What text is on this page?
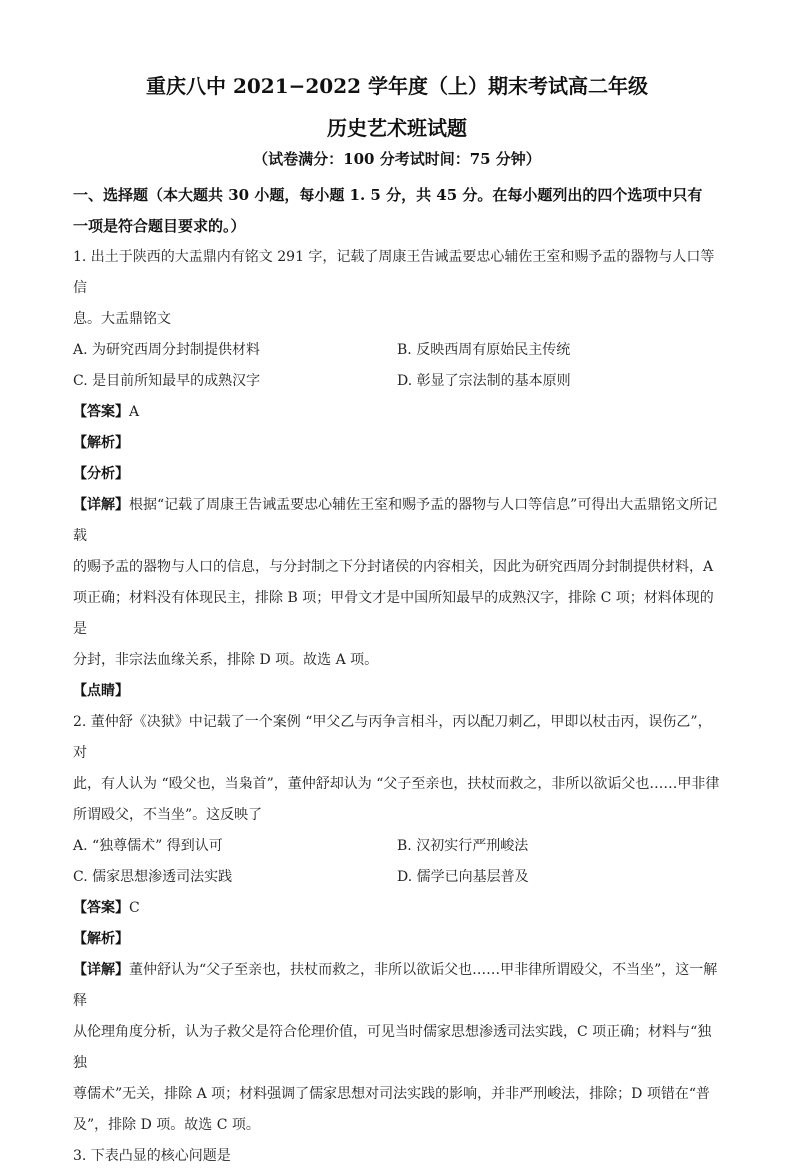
重庆八中 2021−2022 学年度（上）期末考试高二年级
历史艺术班试题
（试卷满分：100 分考试时间：75 分钟）

一、选择题（本大题共 30 小题，每小题 1. 5 分，共 45 分。在每小题列出的四个选项中只有

一项是符合题目要求的。）

1. 出土于陕西的大盂鼎内有铭文 291 字，记载了周康王告诫盂要忠心辅佐王室和赐予盂的器物与人口等信

息。大盂鼎铭文

A. 为研究西周分封制提供材料	B. 反映西周有原始民主传统
C. 是目前所知最早的成熟汉字	D. 彰显了宗法制的基本原则

【答案】A

【解析】

【分析】

【详解】根据“记载了周康王告诫盂要忠心辅佐王室和赐予盂的器物与人口等信息”可得出大盂鼎铭文所记载

的赐予盂的器物与人口的信息，与分封制之下分封诸侯的内容相关，因此为研究西周分封制提供材料，A

项正确；材料没有体现民主，排除 B 项；甲骨文才是中国所知最早的成熟汉字，排除 C 项；材料体现的是

分封，非宗法血缘关系，排除 D 项。故选 A 项。

【点睛】

2. 董仲舒《决狱》中记载了一个案例 “甲父乙与丙争言相斗，丙以配刀刺乙，甲即以杖击丙，误伤乙”，对

此，有人认为 “殴父也，当枭首”，董仲舒却认为 “父子至亲也，扶杖而救之，非所以欲诟父也……甲非律

所谓殴父，不当坐”。这反映了

A. “独尊儒术” 得到认可	B. 汉初实行严刑峻法
C. 儒家思想渗透司法实践	D. 儒学已向基层普及

【答案】C

【解析】

【详解】董仲舒认为“父子至亲也，扶杖而救之，非所以欲诟父也……甲非律所谓殴父，不当坐”，这一解释

从伦理角度分析，认为子救父是符合伦理价值，可见当时儒家思想渗透司法实践，C 项正确；材料与“独独

尊儒术”无关，排除 A 项；材料强调了儒家思想对司法实践的影响，并非严刑峻法，排除；D 项错在“普

及”，排除 D 项。故选 C 项。

3. 下表凸显的核心问题是
